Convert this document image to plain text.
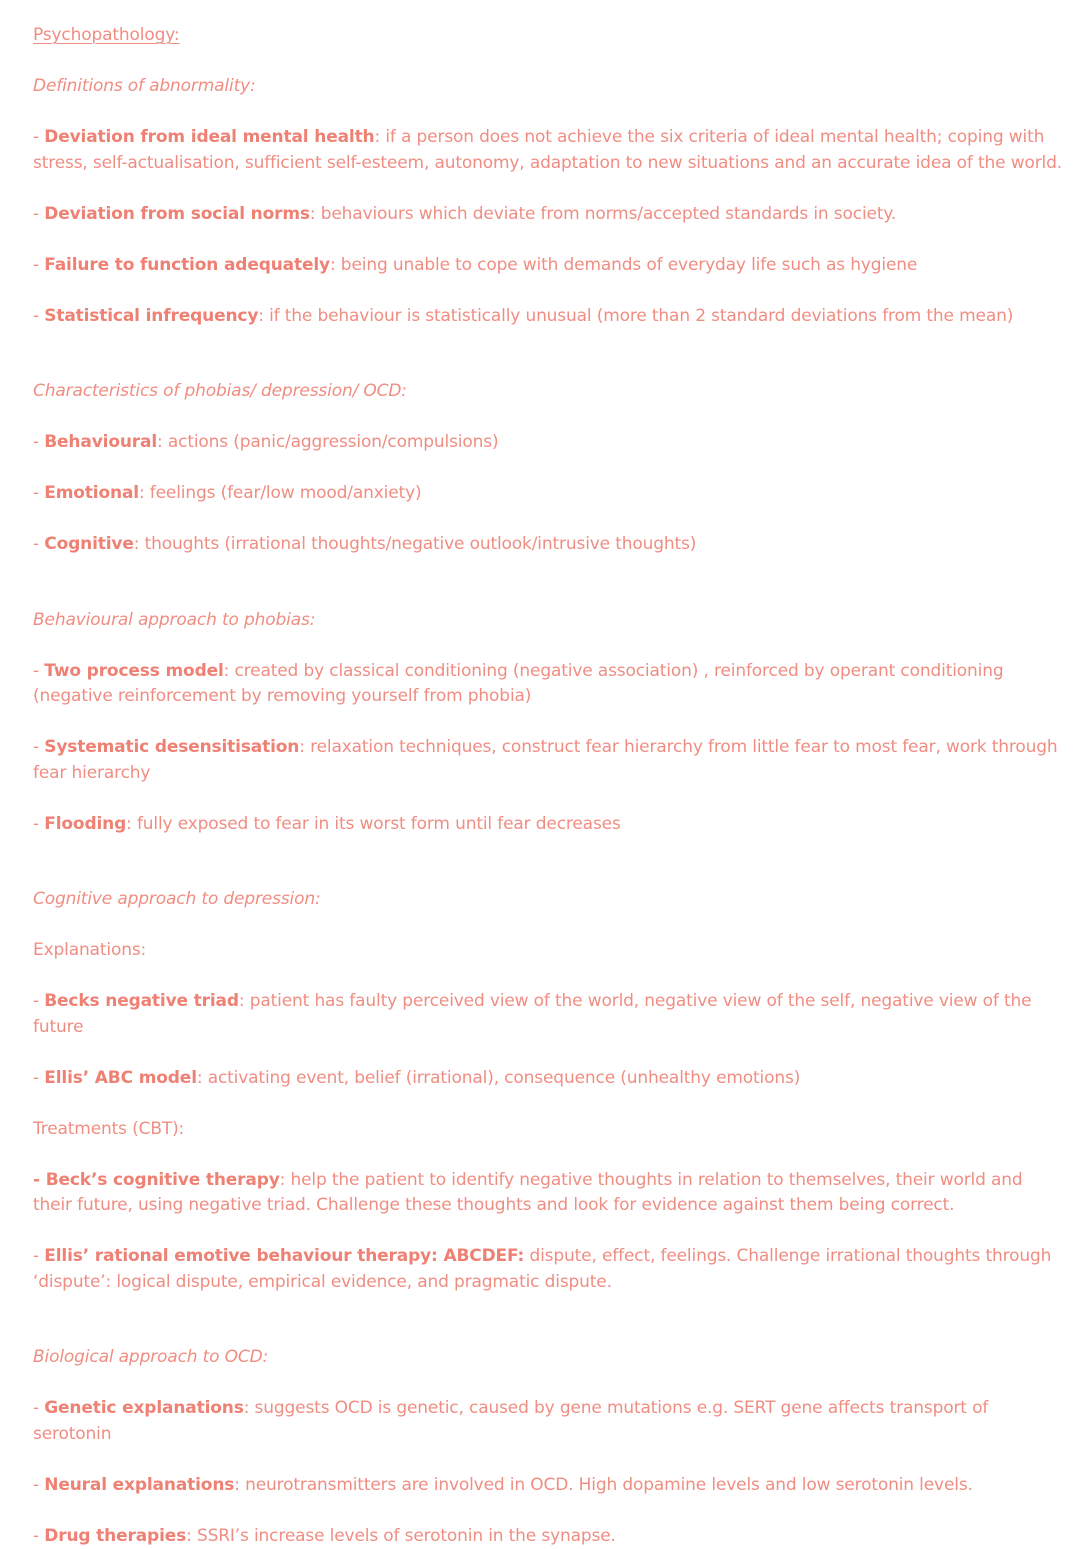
Psychopathology:

Definitions of abnormality:

- Deviation from ideal mental health: if a person does not achieve the six criteria of ideal mental health; coping with stress, self-actualisation, sufficient self-esteem, autonomy, adaptation to new situations and an accurate idea of the world.

- Deviation from social norms: behaviours which deviate from norms/accepted standards in society.

- Failure to function adequately: being unable to cope with demands of everyday life such as hygiene

- Statistical infrequency: if the behaviour is statistically unusual (more than 2 standard deviations from the mean)

Characteristics of phobias/ depression/ OCD:

- Behavioural: actions (panic/aggression/compulsions)

- Emotional: feelings (fear/low mood/anxiety)

- Cognitive: thoughts (irrational thoughts/negative outlook/intrusive thoughts)

Behavioural approach to phobias:

- Two process model: created by classical conditioning (negative association) , reinforced by operant conditioning (negative reinforcement by removing yourself from phobia)

- Systematic desensitisation: relaxation techniques, construct fear hierarchy from little fear to most fear, work through fear hierarchy

- Flooding: fully exposed to fear in its worst form until fear decreases

Cognitive approach to depression:

Explanations:

- Becks negative triad: patient has faulty perceived view of the world, negative view of the self, negative view of the future

- Ellis’ ABC model: activating event, belief (irrational), consequence (unhealthy emotions)

Treatments (CBT):

- Beck’s cognitive therapy: help the patient to identify negative thoughts in relation to themselves, their world and their future, using negative triad. Challenge these thoughts and look for evidence against them being correct.

- Ellis’ rational emotive behaviour therapy: ABCDEF: dispute, effect, feelings. Challenge irrational thoughts through ‘dispute’: logical dispute, empirical evidence, and pragmatic dispute.

Biological approach to OCD:

- Genetic explanations: suggests OCD is genetic, caused by gene mutations e.g. SERT gene affects transport of serotonin

- Neural explanations: neurotransmitters are involved in OCD. High dopamine levels and low serotonin levels.

- Drug therapies: SSRI’s increase levels of serotonin in the synapse.
